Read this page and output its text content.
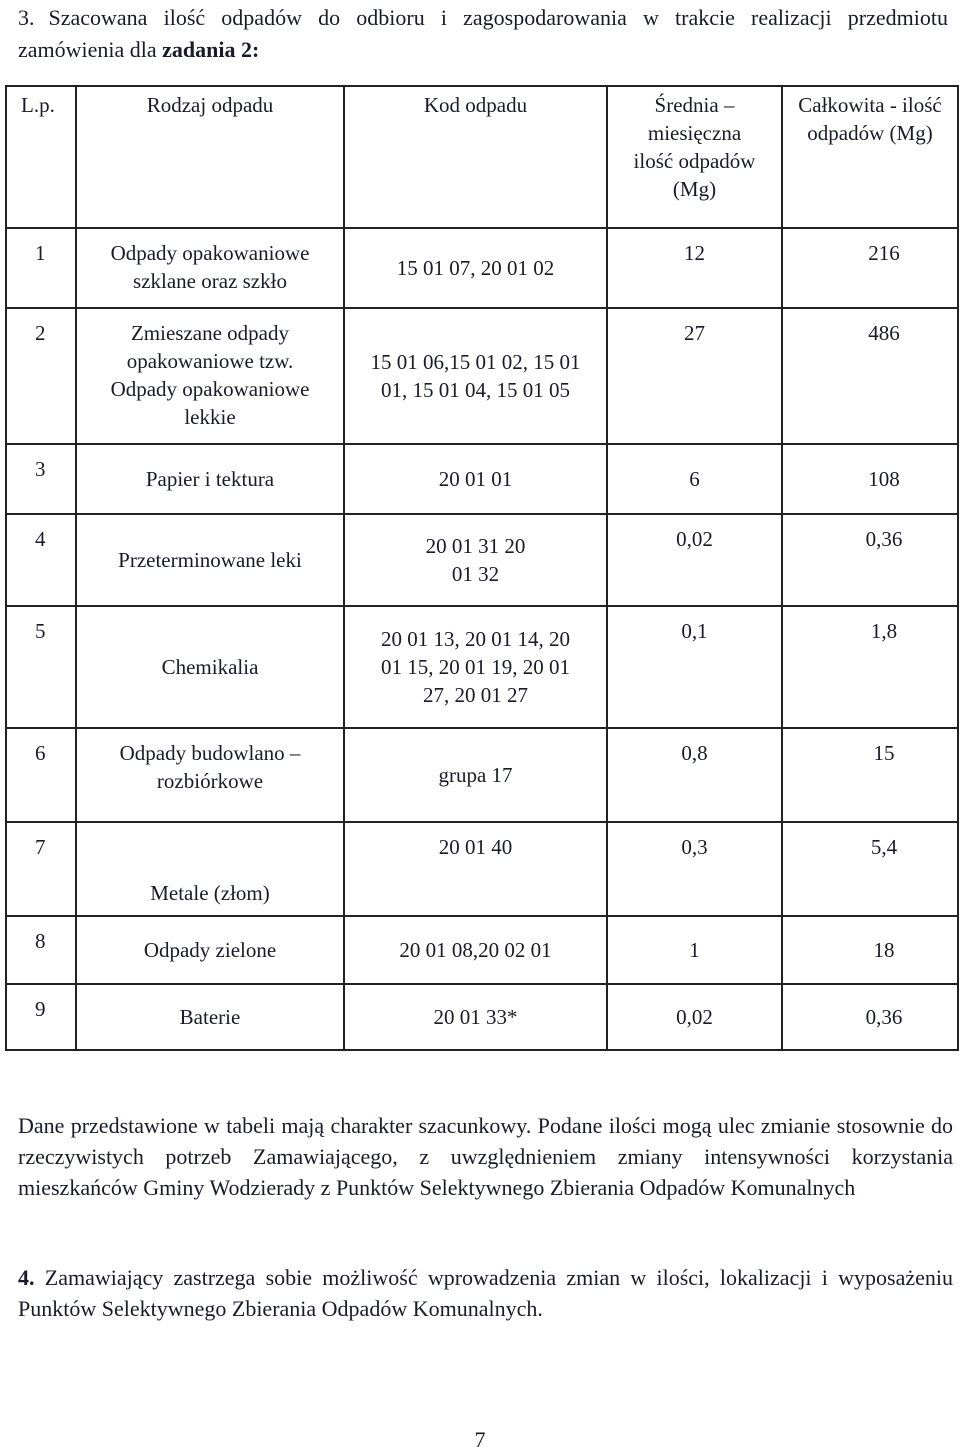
3. Szacowana ilość odpadów do odbioru i zagospodarowania w trakcie realizacji przedmiotu zamówienia dla zadania 2:
L.p.	Rodzaj odpadu	Kod odpadu	Średnia – miesięczna ilość odpadów (Mg)	Całkowita - ilość odpadów (Mg)
1	Odpady opakowaniowe szklane oraz szkło	15 01 07, 20 01 02	12	216
2	Zmieszane odpady opakowaniowe tzw. Odpady opakowaniowe lekkie	15 01 06,15 01 02, 15 01 01, 15 01 04, 15 01 05	27	486
3	Papier i tektura	20 01 01	6	108
4	Przeterminowane leki	20 01 31 20 01 32	0,02	0,36
5	Chemikalia	20 01 13, 20 01 14, 20 01 15, 20 01 19, 20 01 27, 20 01 27	0,1	1,8
6	Odpady budowlano – rozbiórkowe	grupa 17	0,8	15
7	Metale (złom)	20 01 40	0,3	5,4
8	Odpady zielone	20 01 08,20 02 01	1	18
9	Baterie	20 01 33*	0,02	0,36
Dane przedstawione w tabeli mają charakter szacunkowy. Podane ilości mogą ulec zmianie stosownie do rzeczywistych potrzeb Zamawiającego, z uwzględnieniem zmiany intensywności korzystania mieszkańców Gminy Wodzierady z Punktów Selektywnego Zbierania Odpadów Komunalnych
4. Zamawiający zastrzega sobie możliwość wprowadzenia zmian w ilości, lokalizacji i wyposażeniu Punktów Selektywnego Zbierania Odpadów Komunalnych.
7
